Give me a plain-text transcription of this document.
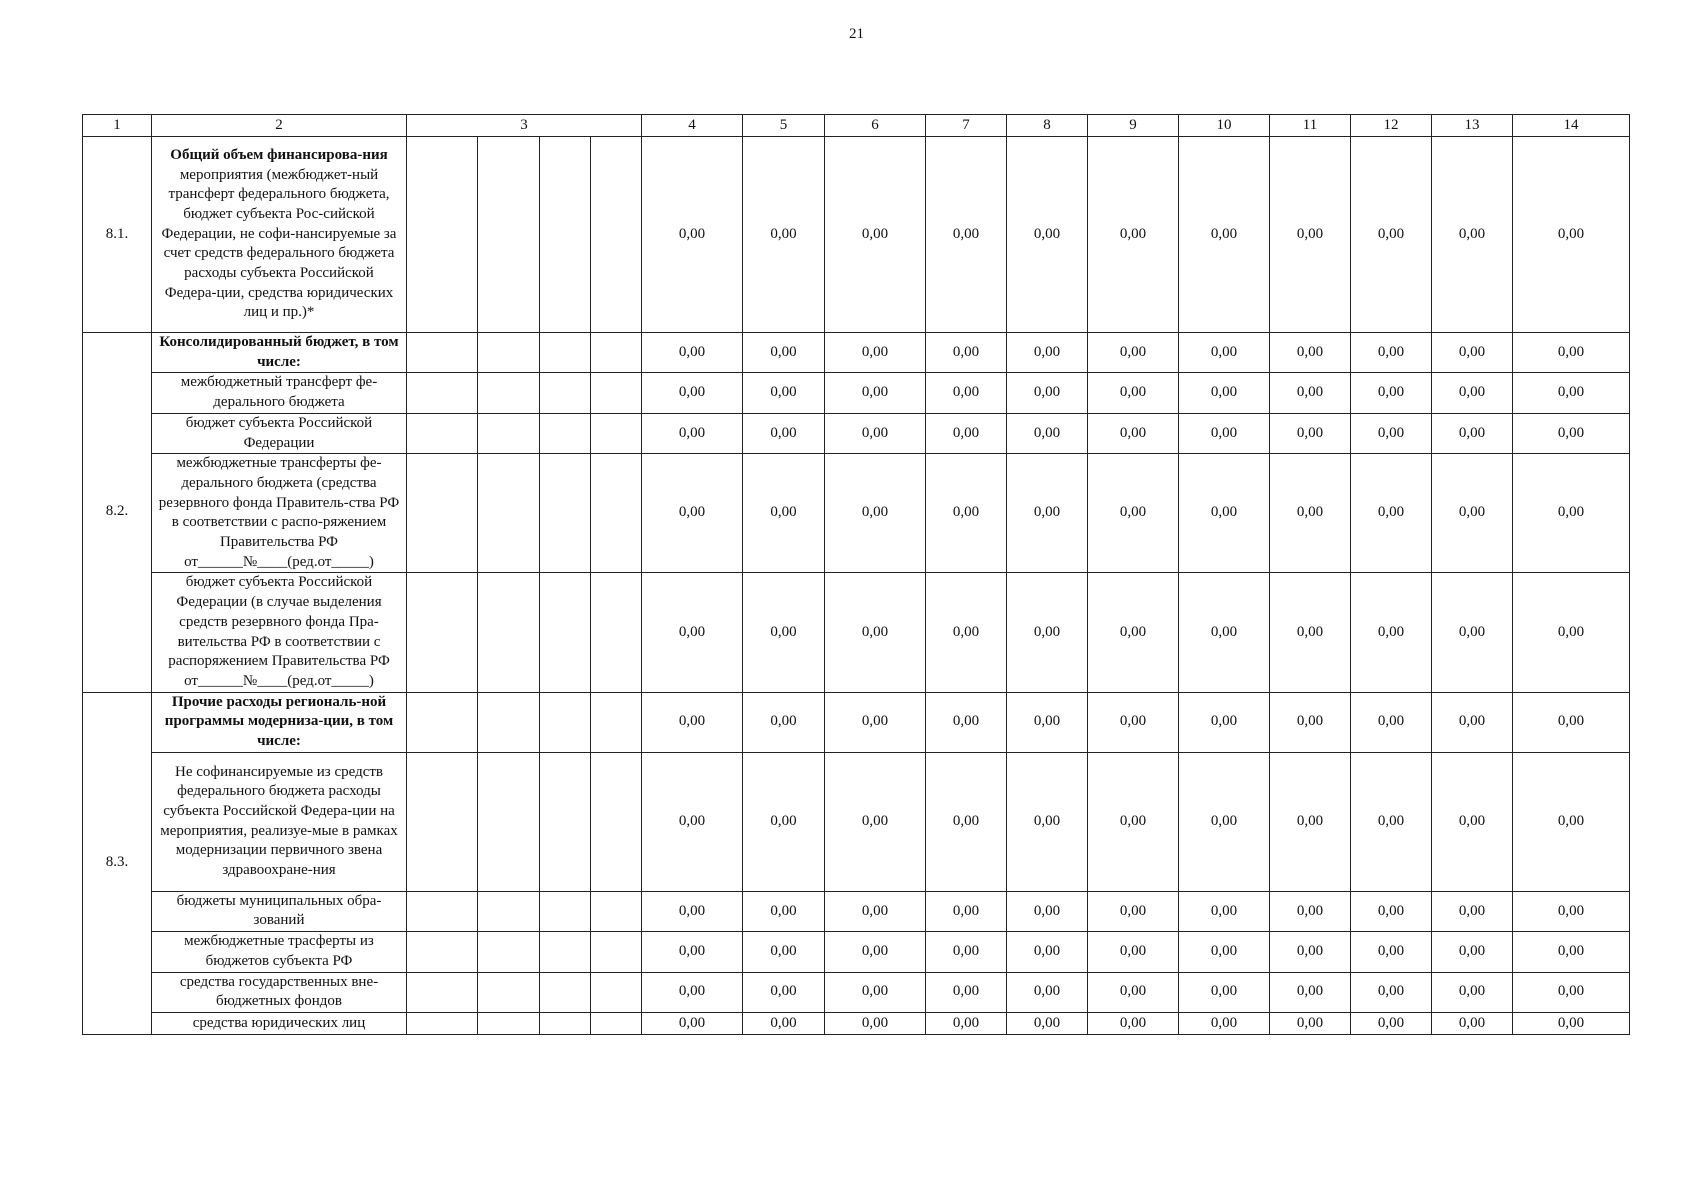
21
1	2	3				4	5	6	7	8	9	10	11	12	13	14
8.1.	Общий объем финансирова-ния мероприятия (межбюджет-ный трансферт федерального бюджета, бюджет субъекта Рос-сийской Федерации, не софи-нансируемые за счет средств федерального бюджета расходы субъекта Российской Федера-ции, средства юридических лиц и пр.)*					0,00	0,00	0,00	0,00	0,00	0,00	0,00	0,00	0,00	0,00	0,00
8.2.	Консолидированный бюджет, в том числе:					0,00	0,00	0,00	0,00	0,00	0,00	0,00	0,00	0,00	0,00	0,00
	межбюджетный трансферт фе-дерального бюджета					0,00	0,00	0,00	0,00	0,00	0,00	0,00	0,00	0,00	0,00	0,00
	бюджет субъекта Российской Федерации					0,00	0,00	0,00	0,00	0,00	0,00	0,00	0,00	0,00	0,00	0,00
	межбюджетные трансферты фе-дерального бюджета (средства резервного фонда Правитель-ства РФ в соответствии с распо-ряжением Правительства РФ от______№____(ред.от_____)					0,00	0,00	0,00	0,00	0,00	0,00	0,00	0,00	0,00	0,00	0,00
	бюджет субъекта Российской Федерации (в случае выделения средств резервного фонда Пра-вительства РФ в соответствии с распоряжением Правительства РФ от______№____(ред.от_____)					0,00	0,00	0,00	0,00	0,00	0,00	0,00	0,00	0,00	0,00	0,00
8.3.	Прочие расходы региональ-ной программы модерниза-ции, в том числе:					0,00	0,00	0,00	0,00	0,00	0,00	0,00	0,00	0,00	0,00	0,00
	Не софинансируемые из средств федерального бюджета расходы субъекта Российской Федера-ции на мероприятия, реализуе-мые в рамках модернизации первичного звена здравоохране-ния					0,00	0,00	0,00	0,00	0,00	0,00	0,00	0,00	0,00	0,00	0,00
	бюджеты муниципальных обра-зований					0,00	0,00	0,00	0,00	0,00	0,00	0,00	0,00	0,00	0,00	0,00
	межбюджетные трасферты из бюджетов субъекта РФ					0,00	0,00	0,00	0,00	0,00	0,00	0,00	0,00	0,00	0,00	0,00
	средства государственных вне-бюджетных фондов					0,00	0,00	0,00	0,00	0,00	0,00	0,00	0,00	0,00	0,00	0,00
	средства юридических лиц					0,00	0,00	0,00	0,00	0,00	0,00	0,00	0,00	0,00	0,00	0,00
